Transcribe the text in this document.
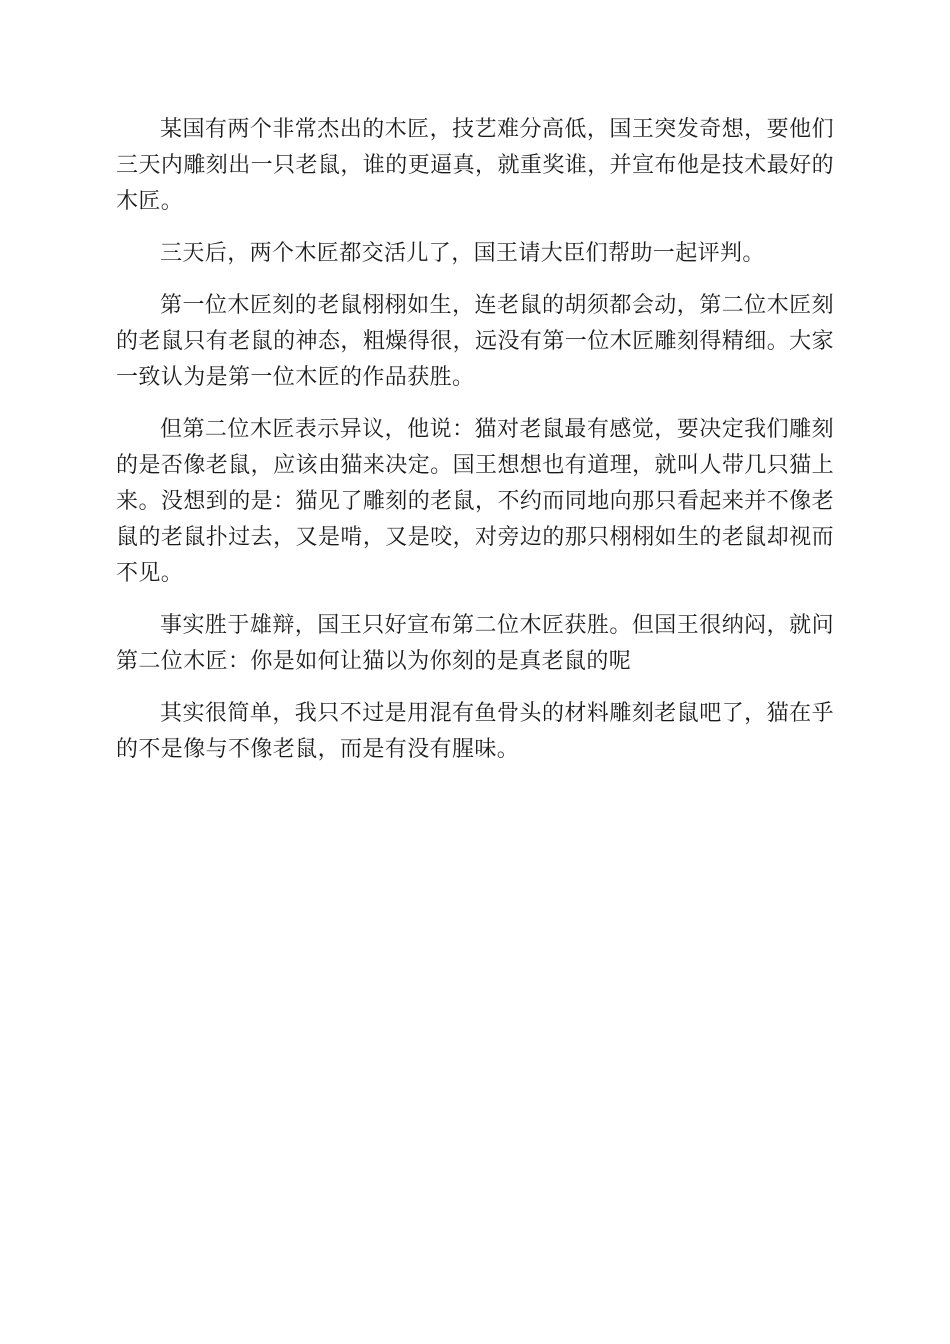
某国有两个非常杰出的木匠，技艺难分高低，国王突发奇想，要他们三天内雕刻出一只老鼠，谁的更逼真，就重奖谁，并宣布他是技术最好的木匠。

三天后，两个木匠都交活儿了，国王请大臣们帮助一起评判。

第一位木匠刻的老鼠栩栩如生，连老鼠的胡须都会动，第二位木匠刻的老鼠只有老鼠的神态，粗燥得很，远没有第一位木匠雕刻得精细。大家一致认为是第一位木匠的作品获胜。

但第二位木匠表示异议，他说：猫对老鼠最有感觉，要决定我们雕刻的是否像老鼠，应该由猫来决定。国王想想也有道理，就叫人带几只猫上来。没想到的是：猫见了雕刻的老鼠，不约而同地向那只看起来并不像老鼠的老鼠扑过去，又是啃，又是咬，对旁边的那只栩栩如生的老鼠却视而不见。

事实胜于雄辩，国王只好宣布第二位木匠获胜。但国王很纳闷，就问第二位木匠：你是如何让猫以为你刻的是真老鼠的呢

其实很简单，我只不过是用混有鱼骨头的材料雕刻老鼠吧了，猫在乎的不是像与不像老鼠，而是有没有腥味。
